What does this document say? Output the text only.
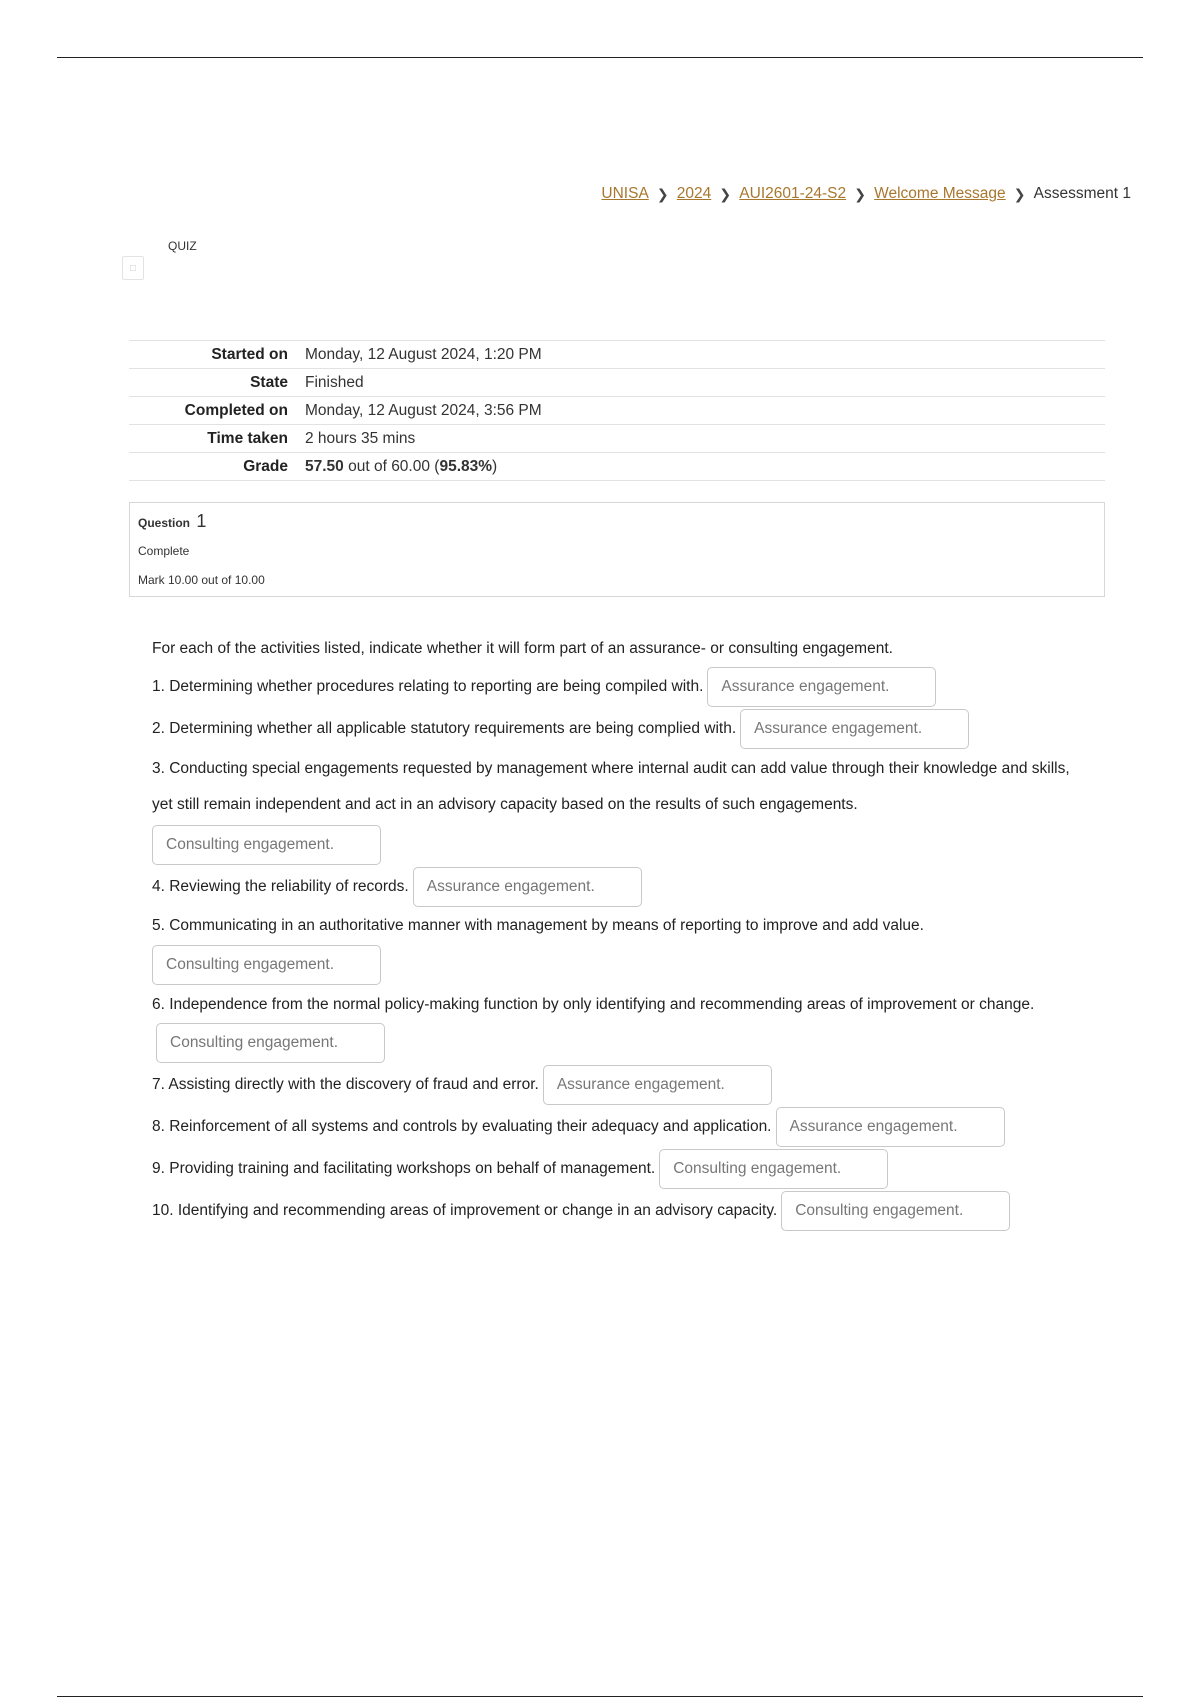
UNISA ❯ 2024 ❯ AUI2601-24-S2 ❯ Welcome Message ❯ Assessment 1
□
QUIZ
Started on	Monday, 12 August 2024, 1:20 PM
State	Finished
Completed on	Monday, 12 August 2024, 3:56 PM
Time taken	2 hours 35 mins
Grade	57.50 out of 60.00 (95.83%)
Question 1
Complete
Mark 10.00 out of 10.00

For each of the activities listed, indicate whether it will form part of an assurance- or consulting engagement.

1. Determining whether procedures relating to reporting are being compiled with. Assurance engagement.

2. Determining whether all applicable statutory requirements are being complied with. Assurance engagement.

3. Conducting special engagements requested by management where internal audit can add value through their knowledge and skills, yet still remain independent and act in an advisory capacity based on the results of such engagements.
Consulting engagement.

4. Reviewing the reliability of records. Assurance engagement.

5. Communicating in an authoritative manner with management by means of reporting to improve and add value.
Consulting engagement.

6. Independence from the normal policy-making function by only identifying and recommending areas of improvement or change.Consulting engagement.

7. Assisting directly with the discovery of fraud and error. Assurance engagement.

8. Reinforcement of all systems and controls by evaluating their adequacy and application. Assurance engagement.

9. Providing training and facilitating workshops on behalf of management. Consulting engagement.

10. Identifying and recommending areas of improvement or change in an advisory capacity. Consulting engagement.
